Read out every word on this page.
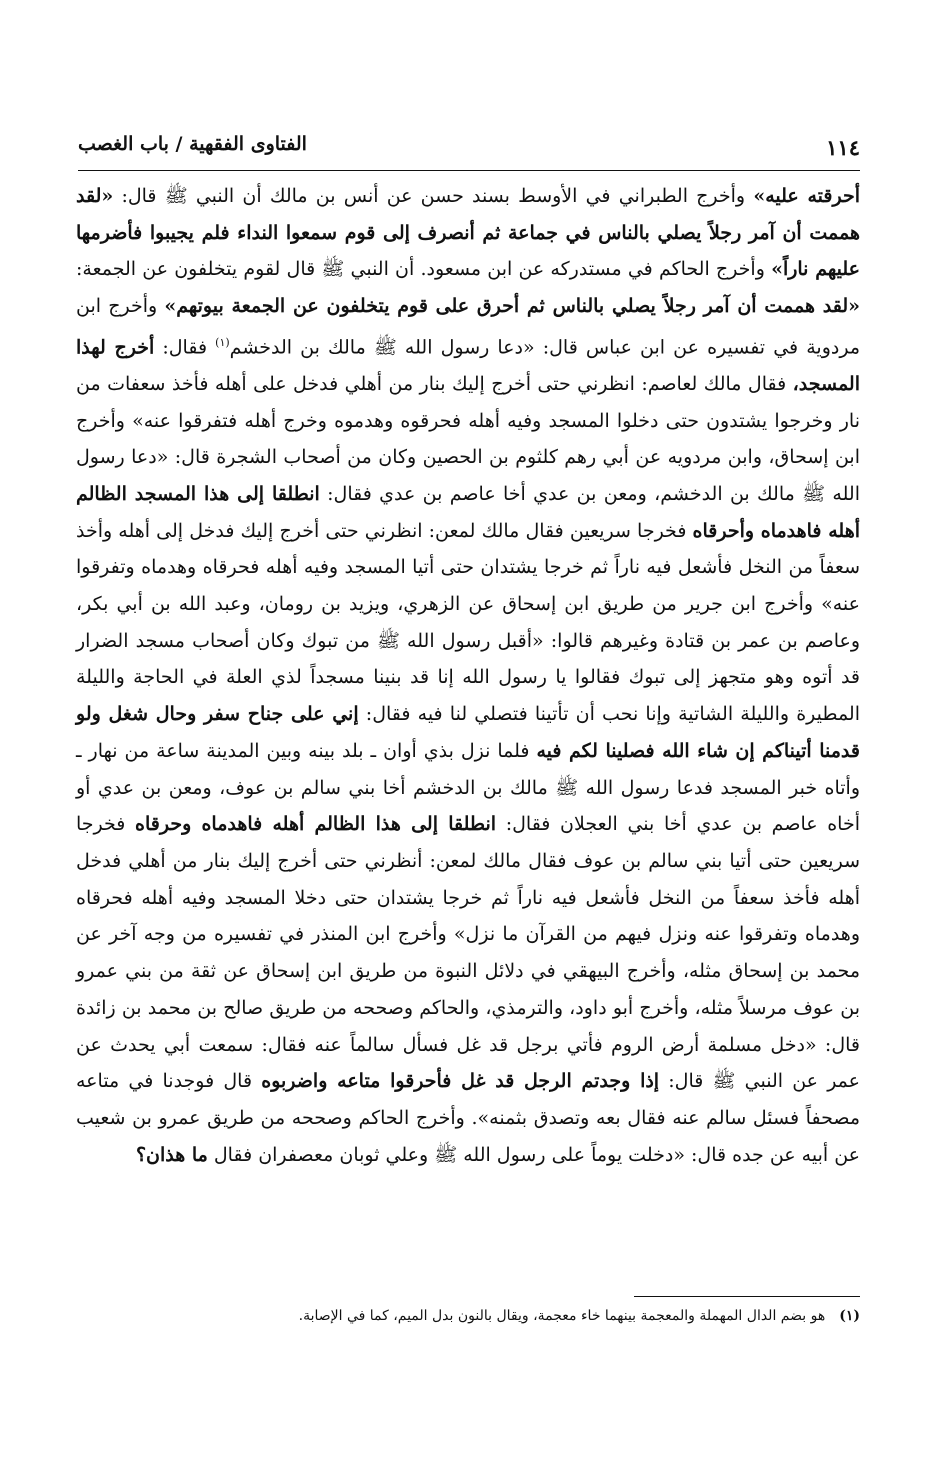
١١٤
الفتاوى الفقهية / باب الغصب
أحرقته عليه» وأخرج الطبراني في الأوسط بسند حسن عن أنس بن مالك أن النبي ﷺ قال: «لقد هممت أن آمر رجلاً يصلي بالناس في جماعة ثم أنصرف إلى قوم سمعوا النداء فلم يجيبوا فأضرمها عليهم ناراً» وأخرج الحاكم في مستدركه عن ابن مسعود. أن النبي ﷺ قال لقوم يتخلفون عن الجمعة: «لقد هممت أن آمر رجلاً يصلي بالناس ثم أحرق على قوم يتخلفون عن الجمعة بيوتهم» وأخرج ابن مردوية في تفسيره عن ابن عباس قال: «دعا رسول الله ﷺ مالك بن الدخشم$^{(١)}$ فقال: أخرج لهذا المسجد، فقال مالك لعاصم: انظرني حتى أخرج إليك بنار من أهلي فدخل على أهله فأخذ سعفات من نار وخرجوا يشتدون حتى دخلوا المسجد وفيه أهله فحرقوه وهدموه وخرج أهله فتفرقوا عنه» وأخرج ابن إسحاق، وابن مردويه عن أبي رهم كلثوم بن الحصين وكان من أصحاب الشجرة قال: «دعا رسول الله ﷺ مالك بن الدخشم، ومعن بن عدي أخا عاصم بن عدي فقال: انطلقا إلى هذا المسجد الظالم أهله فاهدماه وأحرقاه فخرجا سريعين فقال مالك لمعن: انظرني حتى أخرج إليك فدخل إلى أهله وأخذ سعفاً من النخل فأشعل فيه ناراً ثم خرجا يشتدان حتى أتيا المسجد وفيه أهله فحرقاه وهدماه وتفرقوا عنه» وأخرج ابن جرير من طريق ابن إسحاق عن الزهري، ويزيد بن رومان، وعبد الله بن أبي بكر، وعاصم بن عمر بن قتادة وغيرهم قالوا: «أقبل رسول الله ﷺ من تبوك وكان أصحاب مسجد الضرار قد أتوه وهو متجهز إلى تبوك فقالوا يا رسول الله إنا قد بنينا مسجداً لذي العلة في الحاجة والليلة المطيرة والليلة الشاتية وإنا نحب أن تأتينا فتصلي لنا فيه فقال: إني على جناح سفر وحال شغل ولو قدمنا أتيناكم إن شاء الله فصلينا لكم فيه فلما نزل بذي أوان ـ بلد بينه وبين المدينة ساعة من نهار ـ وأتاه خبر المسجد فدعا رسول الله ﷺ مالك بن الدخشم أخا بني سالم بن عوف، ومعن بن عدي أو أخاه عاصم بن عدي أخا بني العجلان فقال: انطلقا إلى هذا الظالم أهله فاهدماه وحرقاه فخرجا سريعين حتى أتيا بني سالم بن عوف فقال مالك لمعن: أنظرني حتى أخرج إليك بنار من أهلي فدخل أهله فأخذ سعفاً من النخل فأشعل فيه ناراً ثم خرجا يشتدان حتى دخلا المسجد وفيه أهله فحرقاه وهدماه وتفرقوا عنه ونزل فيهم من القرآن ما نزل» وأخرج ابن المنذر في تفسيره من وجه آخر عن محمد بن إسحاق مثله، وأخرج البيهقي في دلائل النبوة من طريق ابن إسحاق عن ثقة من بني عمرو بن عوف مرسلاً مثله، وأخرج أبو داود، والترمذي، والحاكم وصححه من طريق صالح بن محمد بن زائدة قال: «دخل مسلمة أرض الروم فأتي برجل قد غل فسأل سالماً عنه فقال: سمعت أبي يحدث عن عمر عن النبي ﷺ قال: إذا وجدتم الرجل قد غل فأحرقوا متاعه واضربوه قال فوجدنا في متاعه مصحفاً فسئل سالم عنه فقال بعه وتصدق بثمنه». وأخرج الحاكم وصححه من طريق عمرو بن شعيب عن أبيه عن جده قال: «دخلت يوماً على رسول الله ﷺ وعلي ثوبان معصفران فقال ما هذان؟
(١)هو بضم الدال المهملة والمعجمة بينهما خاء معجمة، ويقال بالنون بدل الميم، كما في الإصابة.
